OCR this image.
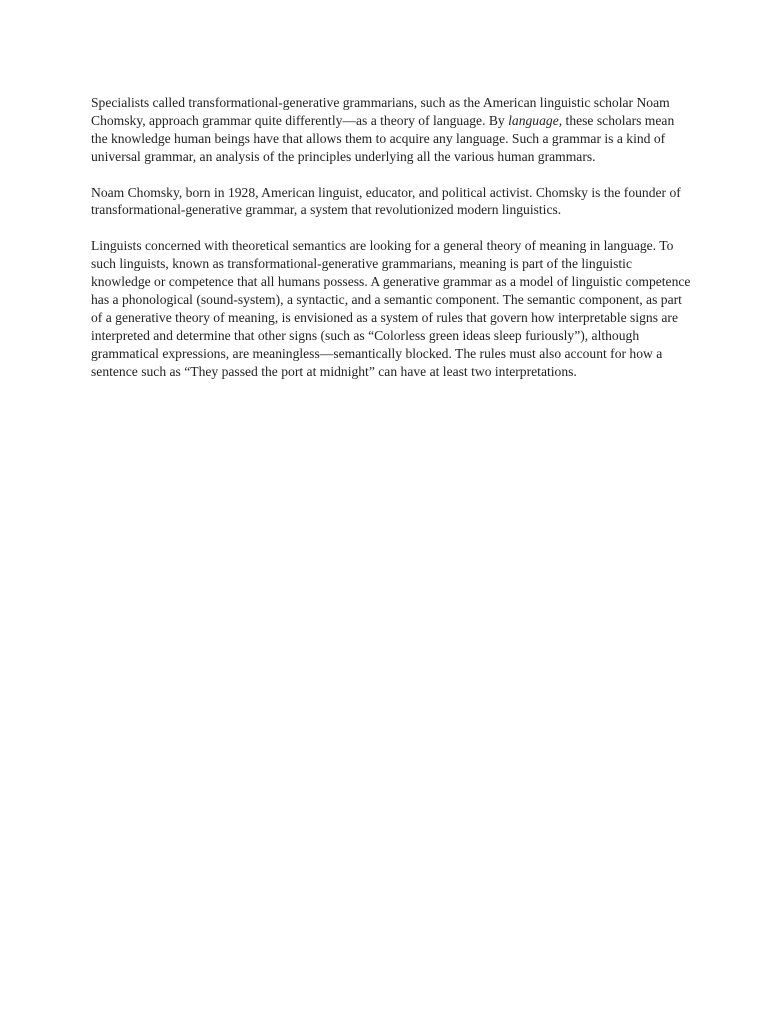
Specialists called transformational-generative grammarians, such as the American linguistic scholar Noam Chomsky, approach grammar quite differently—as a theory of language. By language, these scholars mean the knowledge human beings have that allows them to acquire any language. Such a grammar is a kind of universal grammar, an analysis of the principles underlying all the various human grammars.

Noam Chomsky, born in 1928, American linguist, educator, and political activist. Chomsky is the founder of transformational-generative grammar, a system that revolutionized modern linguistics.

Linguists concerned with theoretical semantics are looking for a general theory of meaning in language. To such linguists, known as transformational-generative grammarians, meaning is part of the linguistic knowledge or competence that all humans possess. A generative grammar as a model of linguistic competence has a phonological (sound-system), a syntactic, and a semantic component. The semantic component, as part of a generative theory of meaning, is envisioned as a system of rules that govern how interpretable signs are interpreted and determine that other signs (such as “Colorless green ideas sleep furiously”), although grammatical expressions, are meaningless—semantically blocked. The rules must also account for how a sentence such as “They passed the port at midnight” can have at least two interpretations.
